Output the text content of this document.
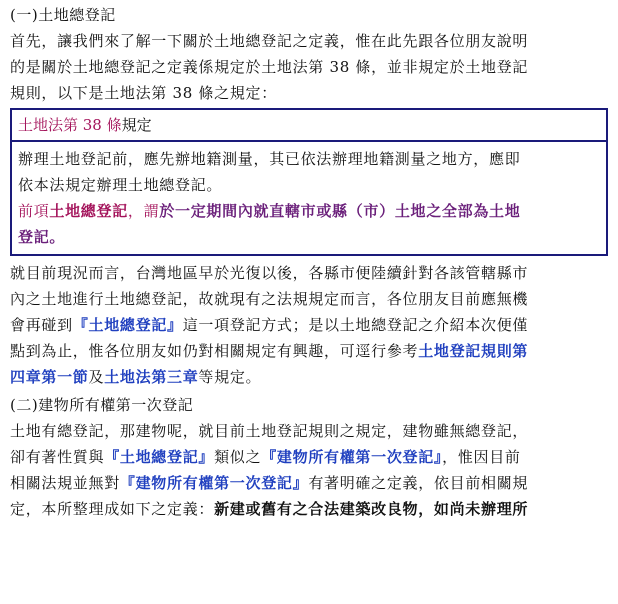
(一)土地總登記
首先，讓我們來了解一下關於土地總登記之定義，惟在此先跟各位朋友說明
的是關於土地總登記之定義係規定於土地法第 38 條，並非規定於土地登記
規則，以下是土地法第 38 條之規定：
土地法第 38 條規定
辦理土地登記前，應先辦地籍測量，其已依法辦理地籍測量之地方，應即
依本法規定辦理土地總登記。
前項土地總登記，謂於一定期間內就直轄市或縣（市）土地之全部為土地
登記。
就目前現況而言，台灣地區早於光復以後，各縣市便陸續針對各該管轄縣市
內之土地進行土地總登記，故就現有之法規規定而言，各位朋友目前應無機
會再碰到『土地總登記』這一項登記方式；是以土地總登記之介紹本次便僅
點到為止，惟各位朋友如仍對相關規定有興趣，可逕行參考土地登記規則第
四章第一節及土地法第三章等規定。
(二)建物所有權第一次登記
土地有總登記，那建物呢，就目前土地登記規則之規定，建物雖無總登記，
卻有著性質與『土地總登記』類似之『建物所有權第一次登記』，惟因目前
相關法規並無對『建物所有權第一次登記』有著明確之定義，依目前相關規
定，本所整理成如下之定義：新建或舊有之合法建築改良物，如尚未辦理所
